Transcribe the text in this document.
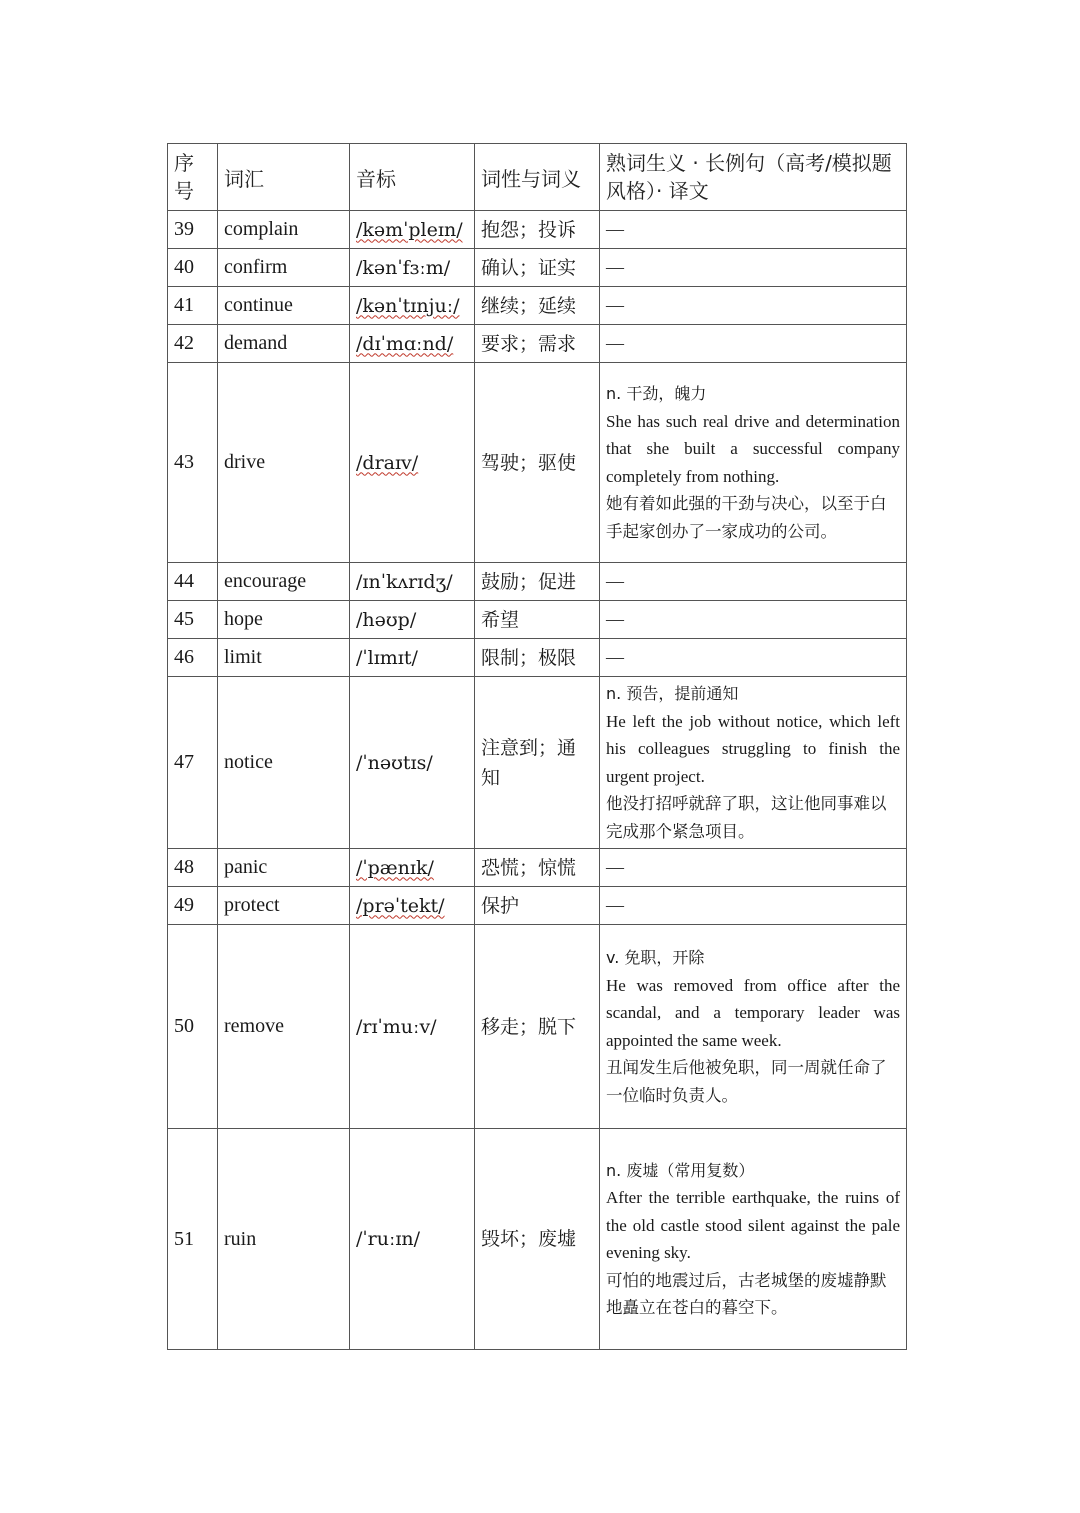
序号	词汇	音标	词性与词义	熟词生义 · 长例句（高考/模拟题风格）· 译文
39	complain	/kəmˈpleɪn/	抱怨；投诉	—
40	confirm	/kənˈfɜːm/	确认；证实	—
41	continue	/kənˈtɪnjuː/	继续；延续	—
42	demand	/dɪˈmɑːnd/	要求；需求	—
43	drive	/draɪv/	驾驶；驱使	n. 干劲，魄力
She has such real drive and determination that she built a successful company completely from nothing.
她有着如此强的干劲与决心，以至于白手起家创办了一家成功的公司。

44	encourage	/ɪnˈkʌrɪdʒ/	鼓励；促进	—
45	hope	/həʊp/	希望	—
46	limit	/ˈlɪmɪt/	限制；极限	—
47	notice	/ˈnəʊtɪs/	注意到；通知	n. 预告，提前通知
He left the job without notice, which left his colleagues struggling to finish the urgent project.
他没打招呼就辞了职，这让他同事难以完成那个紧急项目。

48	panic	/ˈpænɪk/	恐慌；惊慌	—
49	protect	/prəˈtekt/	保护	—
50	remove	/rɪˈmuːv/	移走；脱下	v. 免职，开除
He was removed from office after the scandal, and a temporary leader was appointed the same week.
丑闻发生后他被免职，同一周就任命了一位临时负责人。

51	ruin	/ˈruːɪn/	毁坏；废墟	n. 废墟（常用复数）
After the terrible earthquake, the ruins of the old castle stood silent against the pale evening sky.
可怕的地震过后，古老城堡的废墟静默地矗立在苍白的暮空下。
